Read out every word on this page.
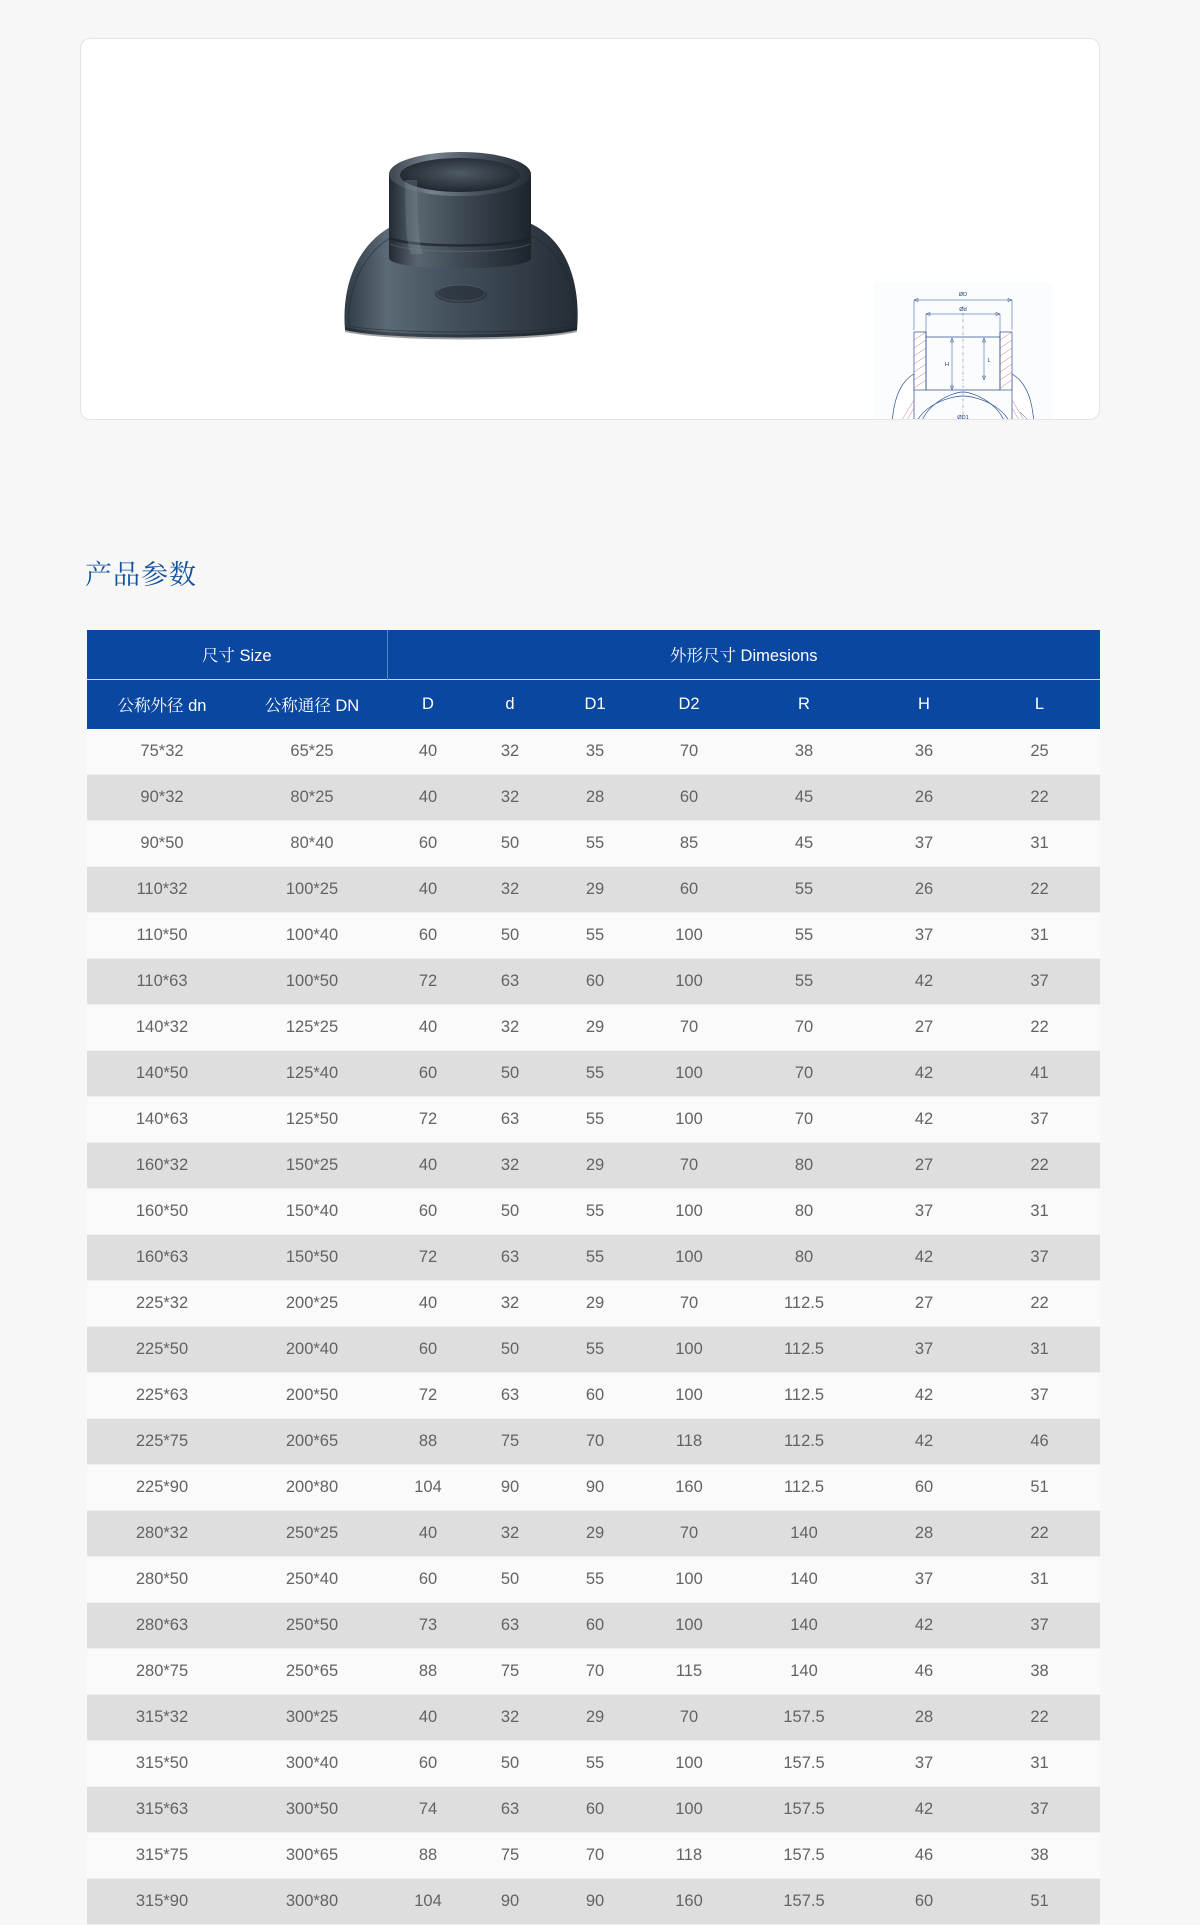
ØD
Ød
H
L
ØD1
ØD2
R
产品参数
尺寸 Size		外形尺寸 Dimesions						
公称外径 dn	公称通径 DN	D	d	D1	D2	R	H	L
75*32	65*25	40	32	35	70	38	36	25
90*32	80*25	40	32	28	60	45	26	22
90*50	80*40	60	50	55	85	45	37	31
110*32	100*25	40	32	29	60	55	26	22
110*50	100*40	60	50	55	100	55	37	31
110*63	100*50	72	63	60	100	55	42	37
140*32	125*25	40	32	29	70	70	27	22
140*50	125*40	60	50	55	100	70	42	41
140*63	125*50	72	63	55	100	70	42	37
160*32	150*25	40	32	29	70	80	27	22
160*50	150*40	60	50	55	100	80	37	31
160*63	150*50	72	63	55	100	80	42	37
225*32	200*25	40	32	29	70	112.5	27	22
225*50	200*40	60	50	55	100	112.5	37	31
225*63	200*50	72	63	60	100	112.5	42	37
225*75	200*65	88	75	70	118	112.5	42	46
225*90	200*80	104	90	90	160	112.5	60	51
280*32	250*25	40	32	29	70	140	28	22
280*50	250*40	60	50	55	100	140	37	31
280*63	250*50	73	63	60	100	140	42	37
280*75	250*65	88	75	70	115	140	46	38
315*32	300*25	40	32	29	70	157.5	28	22
315*50	300*40	60	50	55	100	157.5	37	31
315*63	300*50	74	63	60	100	157.5	42	37
315*75	300*65	88	75	70	118	157.5	46	38
315*90	300*80	104	90	90	160	157.5	60	51
